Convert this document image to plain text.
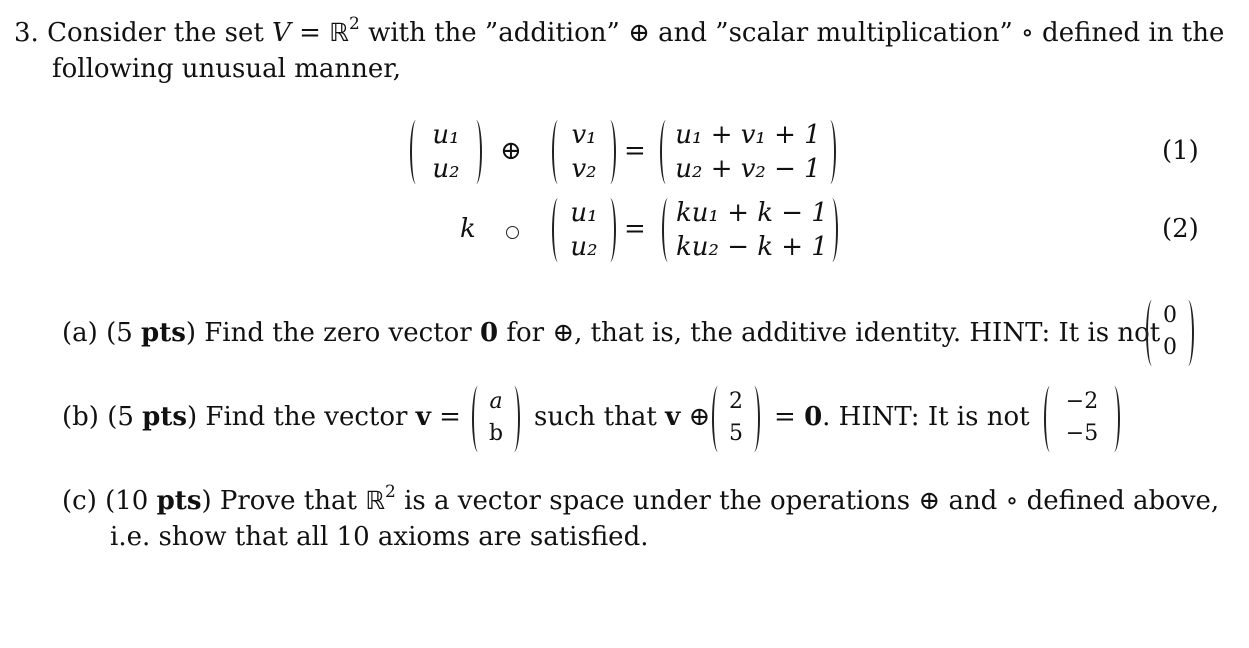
3. Consider the set V = ℝ$^2$ with the ”addition” ⊕ and ”scalar multiplication” ∘ defined in the
following unusual manner,
u₁
u₂
⊕
v₁
v₂
=
u₁ + v₁ + 1
u₂ + v₂ − 1
(1)
k
u₁
u₂
=
ku₁ + k − 1
ku₂ − k + 1
(2)
(a) (5 pts) Find the zero vector 0 for ⊕, that is, the additive identity. HINT: It is not
0
0
(b) (5 pts) Find the vector v =
a
b
such that v ⊕
2
5
= 0. HINT: It is not
−2
−5
(c) (10 pts) Prove that ℝ$^2$ is a vector space under the operations ⊕ and ∘ defined above,
i.e. show that all 10 axioms are satisfied.
